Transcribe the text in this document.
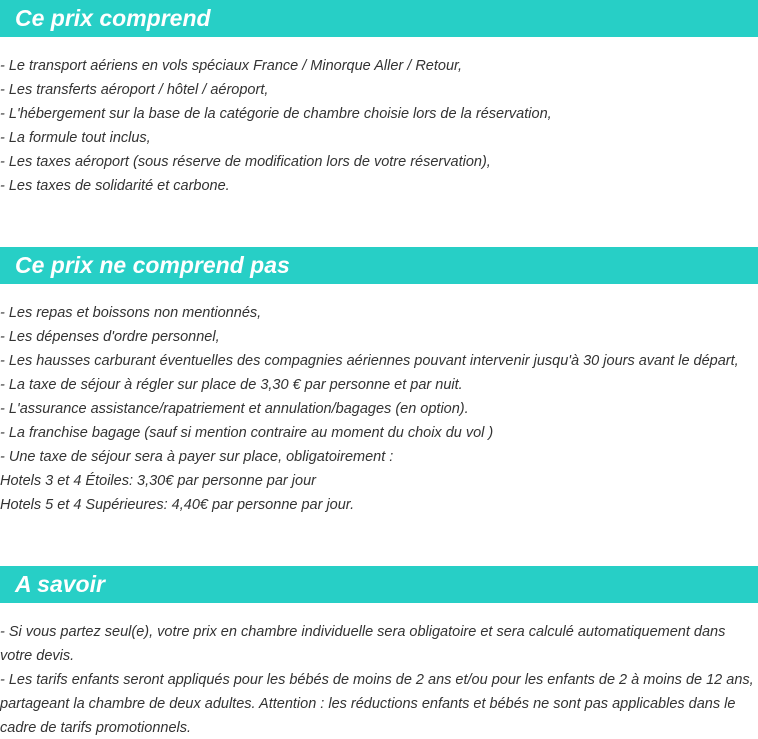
Ce prix comprend
- Le transport aériens en vols spéciaux France / Minorque Aller / Retour,
- Les transferts aéroport / hôtel / aéroport,
- L'hébergement sur la base de la catégorie de chambre choisie lors de la réservation,
- La formule tout inclus,
- Les taxes aéroport (sous réserve de modification lors de votre réservation),
- Les taxes de solidarité et carbone.
Ce prix ne comprend pas
- Les repas et boissons non mentionnés,
- Les dépenses d'ordre personnel,
- Les hausses carburant éventuelles des compagnies aériennes pouvant intervenir jusqu'à 30 jours avant le départ,
- La taxe de séjour à régler sur place de 3,30 € par personne et par nuit.
- L'assurance assistance/rapatriement et annulation/bagages (en option).
- La franchise bagage (sauf si mention contraire au moment du choix du vol )
- Une taxe de séjour sera à payer sur place, obligatoirement :
Hotels 3 et 4 Étoiles: 3,30€ par personne par jour
Hotels 5 et 4 Supérieures: 4,40€ par personne par jour.
A savoir

- Si vous partez seul(e), votre prix en chambre individuelle sera obligatoire et sera calculé automatiquement dans votre devis.

- Les tarifs enfants seront appliqués pour les bébés de moins de 2 ans et/ou pour les enfants de 2 à moins de 12 ans, partageant la chambre de deux adultes. Attention : les réductions enfants et bébés ne sont pas applicables dans le cadre de tarifs promotionnels.
